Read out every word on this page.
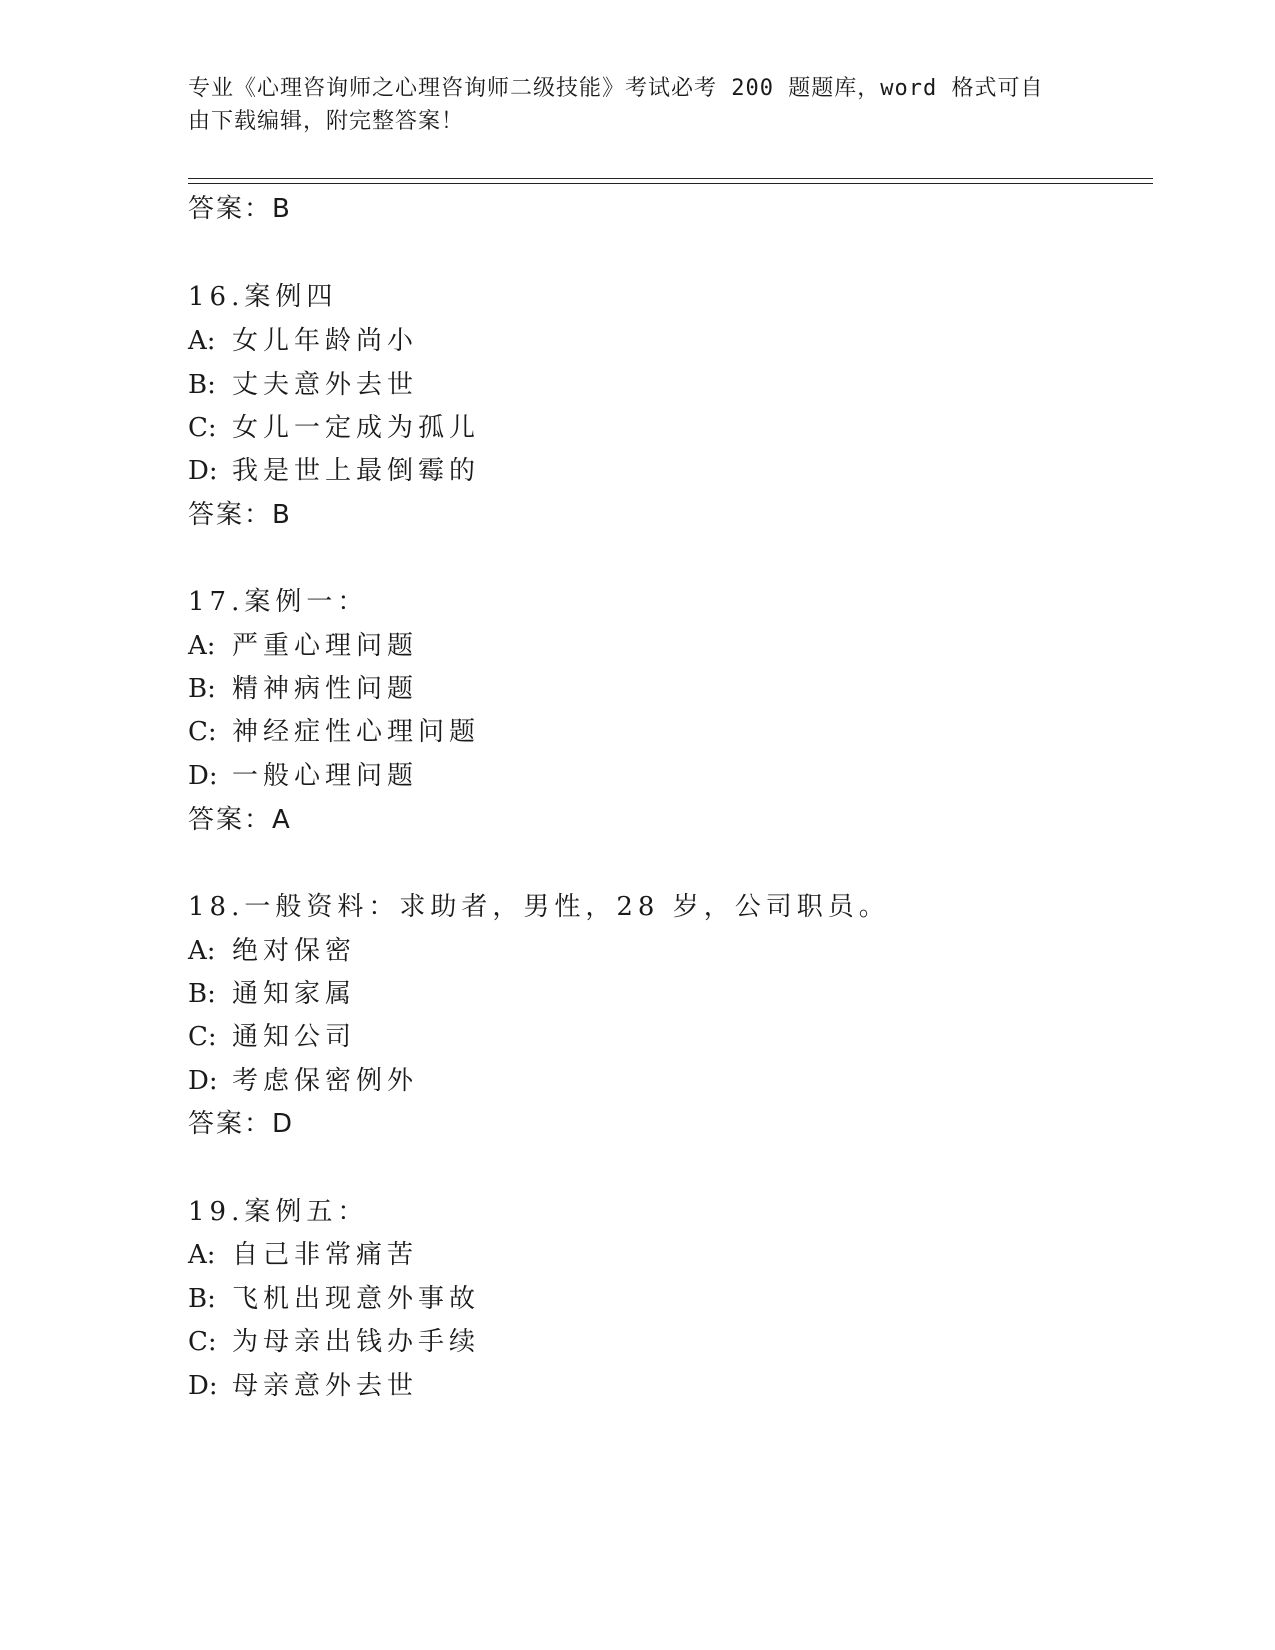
专业《心理咨询师之心理咨询师二级技能》考试必考 200 题题库，word 格式可自
由下载编辑，附完整答案！
答案：B
16.案例四
A: 女儿年龄尚小
B: 丈夫意外去世
C: 女儿一定成为孤儿
D: 我是世上最倒霉的
答案：B
17.案例一：
A: 严重心理问题
B: 精神病性问题
C: 神经症性心理问题
D: 一般心理问题
答案：A
18.一般资料：求助者，男性，28 岁，公司职员。
A: 绝对保密
B: 通知家属
C: 通知公司
D: 考虑保密例外
答案：D
19.案例五：
A: 自己非常痛苦
B: 飞机出现意外事故
C: 为母亲出钱办手续
D: 母亲意外去世
